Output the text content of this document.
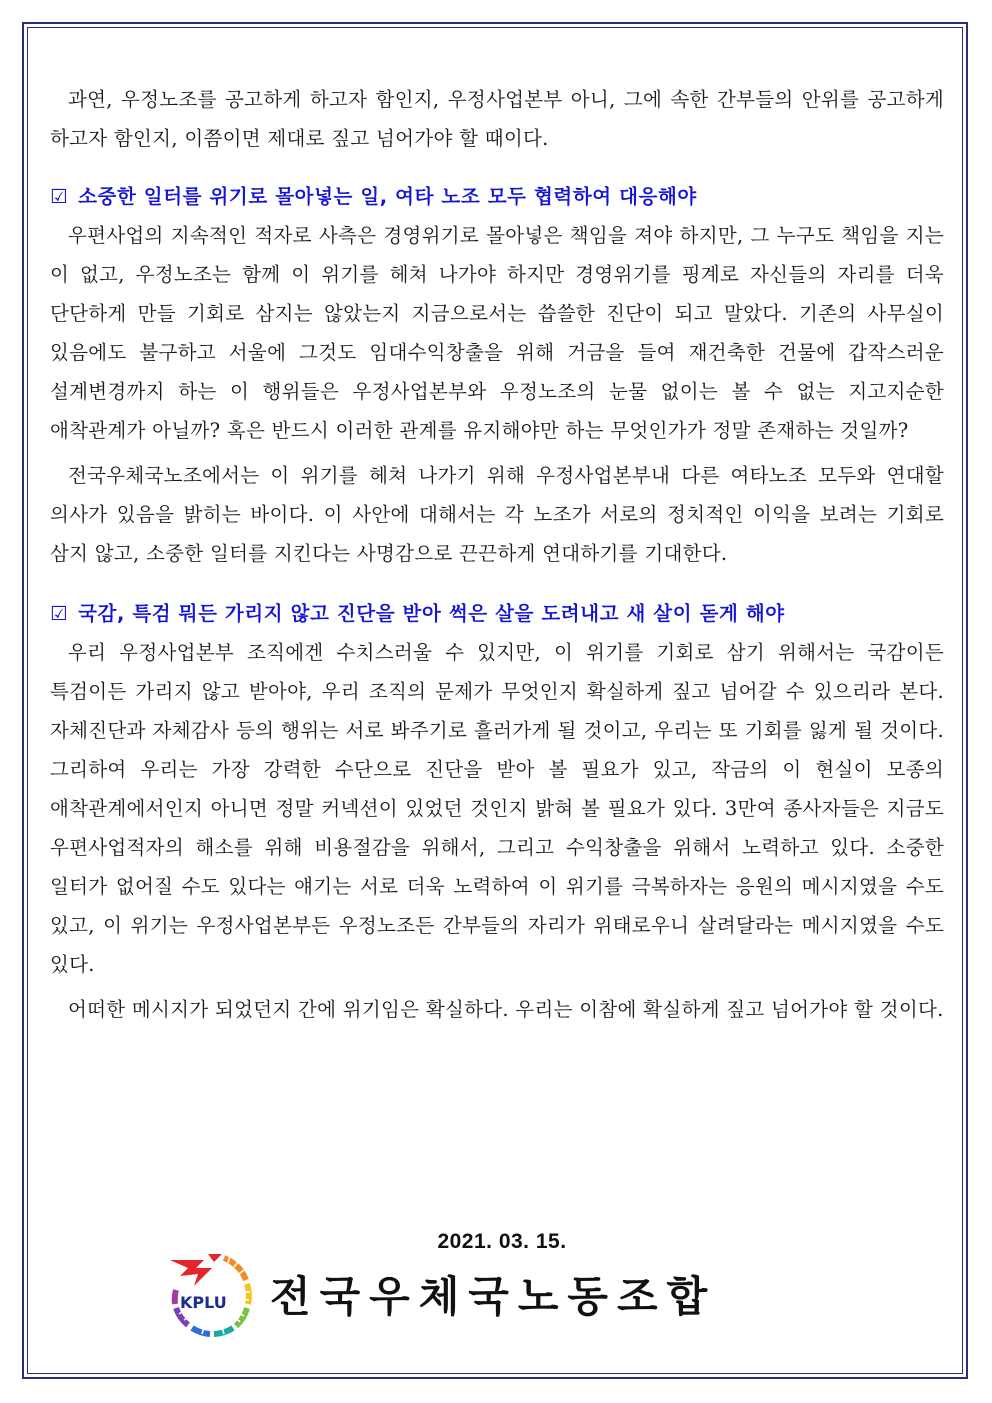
과연, 우정노조를 공고하게 하고자 함인지, 우정사업본부 아니, 그에 속한 간부들의 안위를 공고하게 하고자 함인지, 이쯤이면 제대로 짚고 넘어가야 할 때이다.

☑ 소중한 일터를 위기로 몰아넣는 일, 여타 노조 모두 협력하여 대응해야

우편사업의 지속적인 적자로 사측은 경영위기로 몰아넣은 책임을 져야 하지만, 그 누구도 책임을 지는 이 없고, 우정노조는 함께 이 위기를 헤쳐 나가야 하지만 경영위기를 핑계로 자신들의 자리를 더욱 단단하게 만들 기회로 삼지는 않았는지 지금으로서는 씁쓸한 진단이 되고 말았다. 기존의 사무실이 있음에도 불구하고 서울에 그것도 임대수익창출을 위해 거금을 들여 재건축한 건물에 갑작스러운 설계변경까지 하는 이 행위들은 우정사업본부와 우정노조의 눈물 없이는 볼 수 없는 지고지순한 애착관계가 아닐까? 혹은 반드시 이러한 관계를 유지해야만 하는 무엇인가가 정말 존재하는 것일까?

전국우체국노조에서는 이 위기를 헤쳐 나가기 위해 우정사업본부내 다른 여타노조 모두와 연대할 의사가 있음을 밝히는 바이다. 이 사안에 대해서는 각 노조가 서로의 정치적인 이익을 보려는 기회로 삼지 않고, 소중한 일터를 지킨다는 사명감으로 끈끈하게 연대하기를 기대한다.

☑ 국감, 특검 뭐든 가리지 않고 진단을 받아 썩은 살을 도려내고 새 살이 돋게 해야

우리 우정사업본부 조직에겐 수치스러울 수 있지만, 이 위기를 기회로 삼기 위해서는 국감이든 특검이든 가리지 않고 받아야, 우리 조직의 문제가 무엇인지 확실하게 짚고 넘어갈 수 있으리라 본다. 자체진단과 자체감사 등의 행위는 서로 봐주기로 흘러가게 될 것이고, 우리는 또 기회를 잃게 될 것이다. 그리하여 우리는 가장 강력한 수단으로 진단을 받아 볼 필요가 있고, 작금의 이 현실이 모종의 애착관계에서인지 아니면 정말 커넥션이 있었던 것인지 밝혀 볼 필요가 있다. 3만여 종사자들은 지금도 우편사업적자의 해소를 위해 비용절감을 위해서, 그리고 수익창출을 위해서 노력하고 있다. 소중한 일터가 없어질 수도 있다는 얘기는 서로 더욱 노력하여 이 위기를 극복하자는 응원의 메시지였을 수도 있고, 이 위기는 우정사업본부든 우정노조든 간부들의 자리가 위태로우니 살려달라는 메시지였을 수도 있다.

어떠한 메시지가 되었던지 간에 위기임은 확실하다. 우리는 이참에 확실하게 짚고 넘어가야 할 것이다.

2021. 03. 15.
KPLU 전국우체국노동조합
